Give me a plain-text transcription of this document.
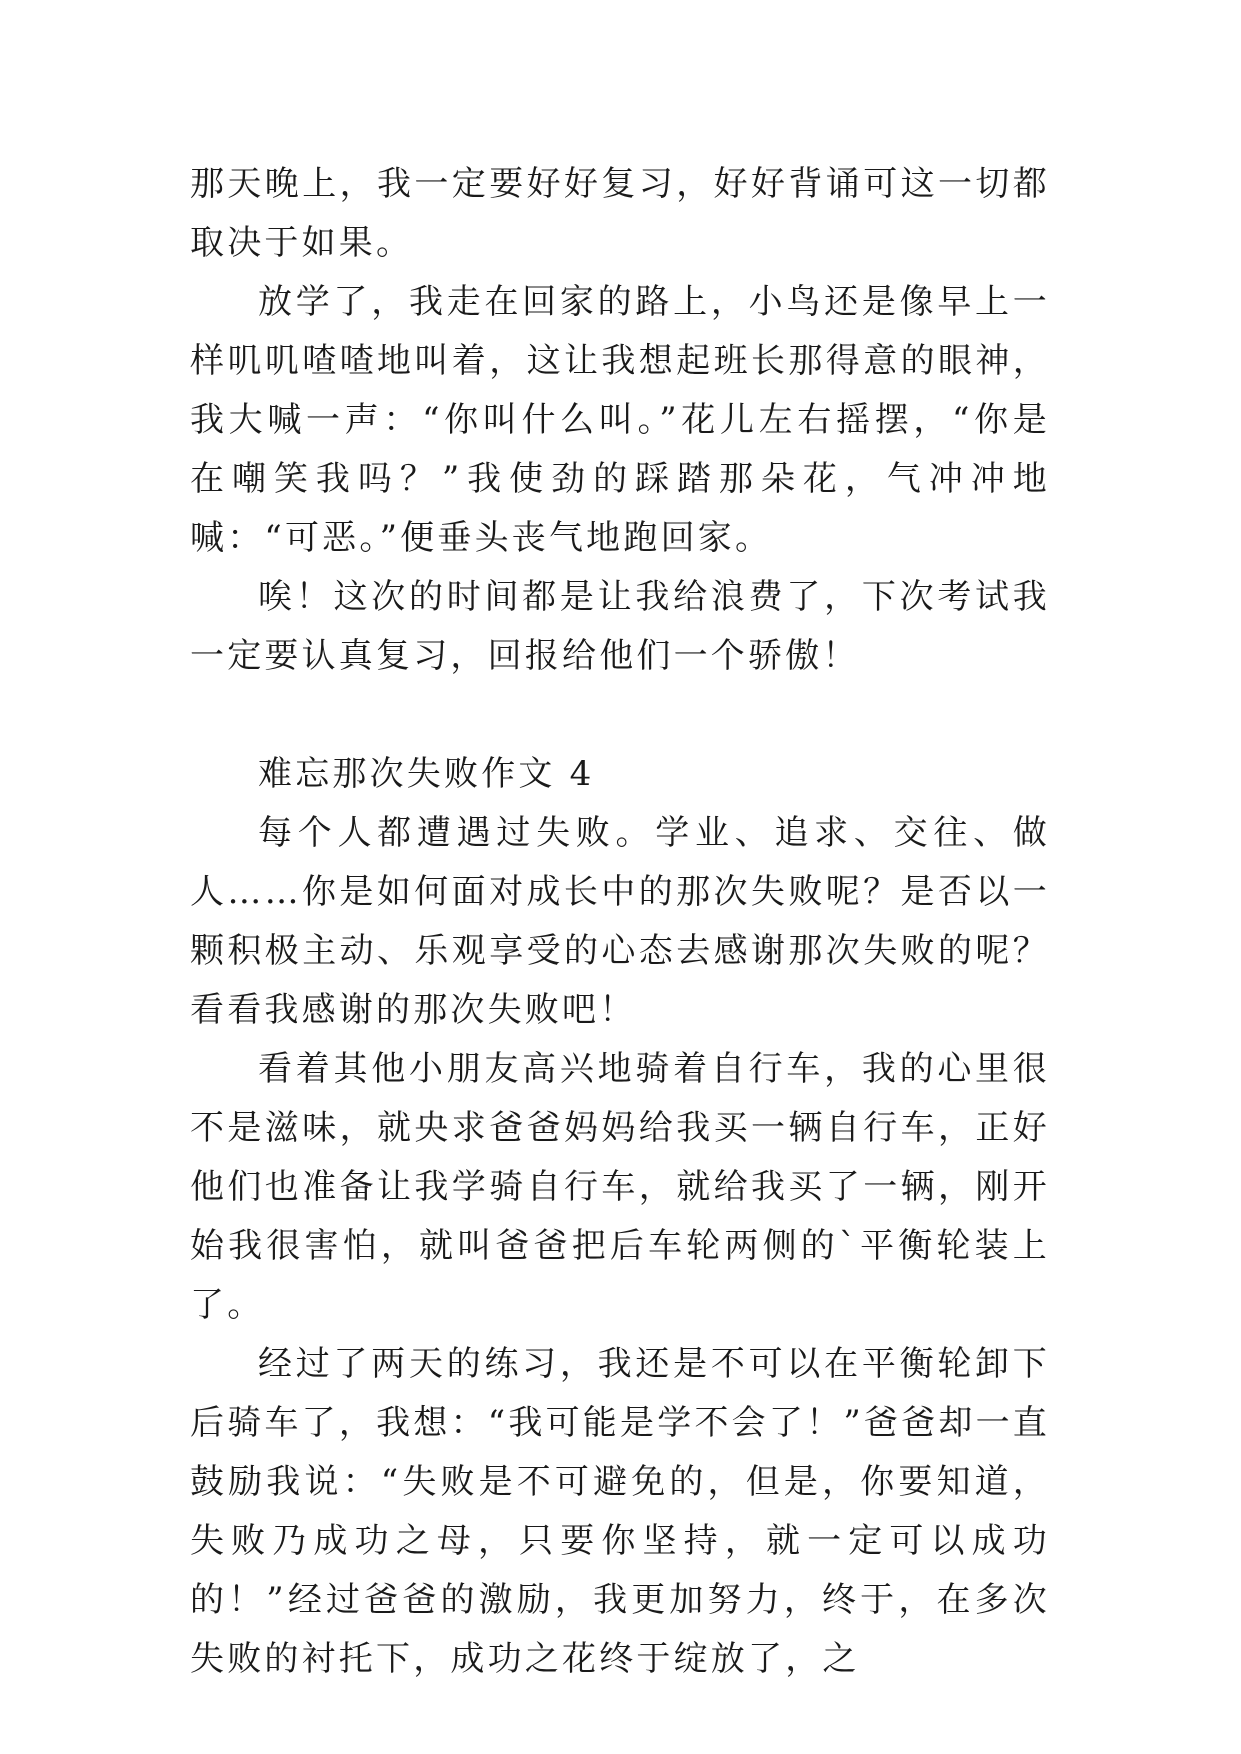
那天晚上，我一定要好好复习，好好背诵可这一切都取决于如果。

放学了，我走在回家的路上，小鸟还是像早上一样叽叽喳喳地叫着，这让我想起班长那得意的眼神，我大喊一声：“你叫什么叫。”花儿左右摇摆，“你是在嘲笑我吗？”我使劲的踩踏那朵花，气冲冲地喊：“可恶。”便垂头丧气地跑回家。

唉！这次的时间都是让我给浪费了，下次考试我一定要认真复习，回报给他们一个骄傲！

难忘那次失败作文 4

每个人都遭遇过失败。学业、追求、交往、做人……你是如何面对成长中的那次失败呢？是否以一颗积极主动、乐观享受的心态去感谢那次失败的呢？看看我感谢的那次失败吧！

看着其他小朋友高兴地骑着自行车，我的心里很不是滋味，就央求爸爸妈妈给我买一辆自行车，正好他们也准备让我学骑自行车，就给我买了一辆，刚开始我很害怕，就叫爸爸把后车轮两侧的`平衡轮装上了。

经过了两天的练习，我还是不可以在平衡轮卸下后骑车了，我想：“我可能是学不会了！”爸爸却一直鼓励我说：“失败是不可避免的，但是，你要知道，失败乃成功之母，只要你坚持，就一定可以成功的！”经过爸爸的激励，我更加努力，终于，在多次失败的衬托下，成功之花终于绽放了，之
